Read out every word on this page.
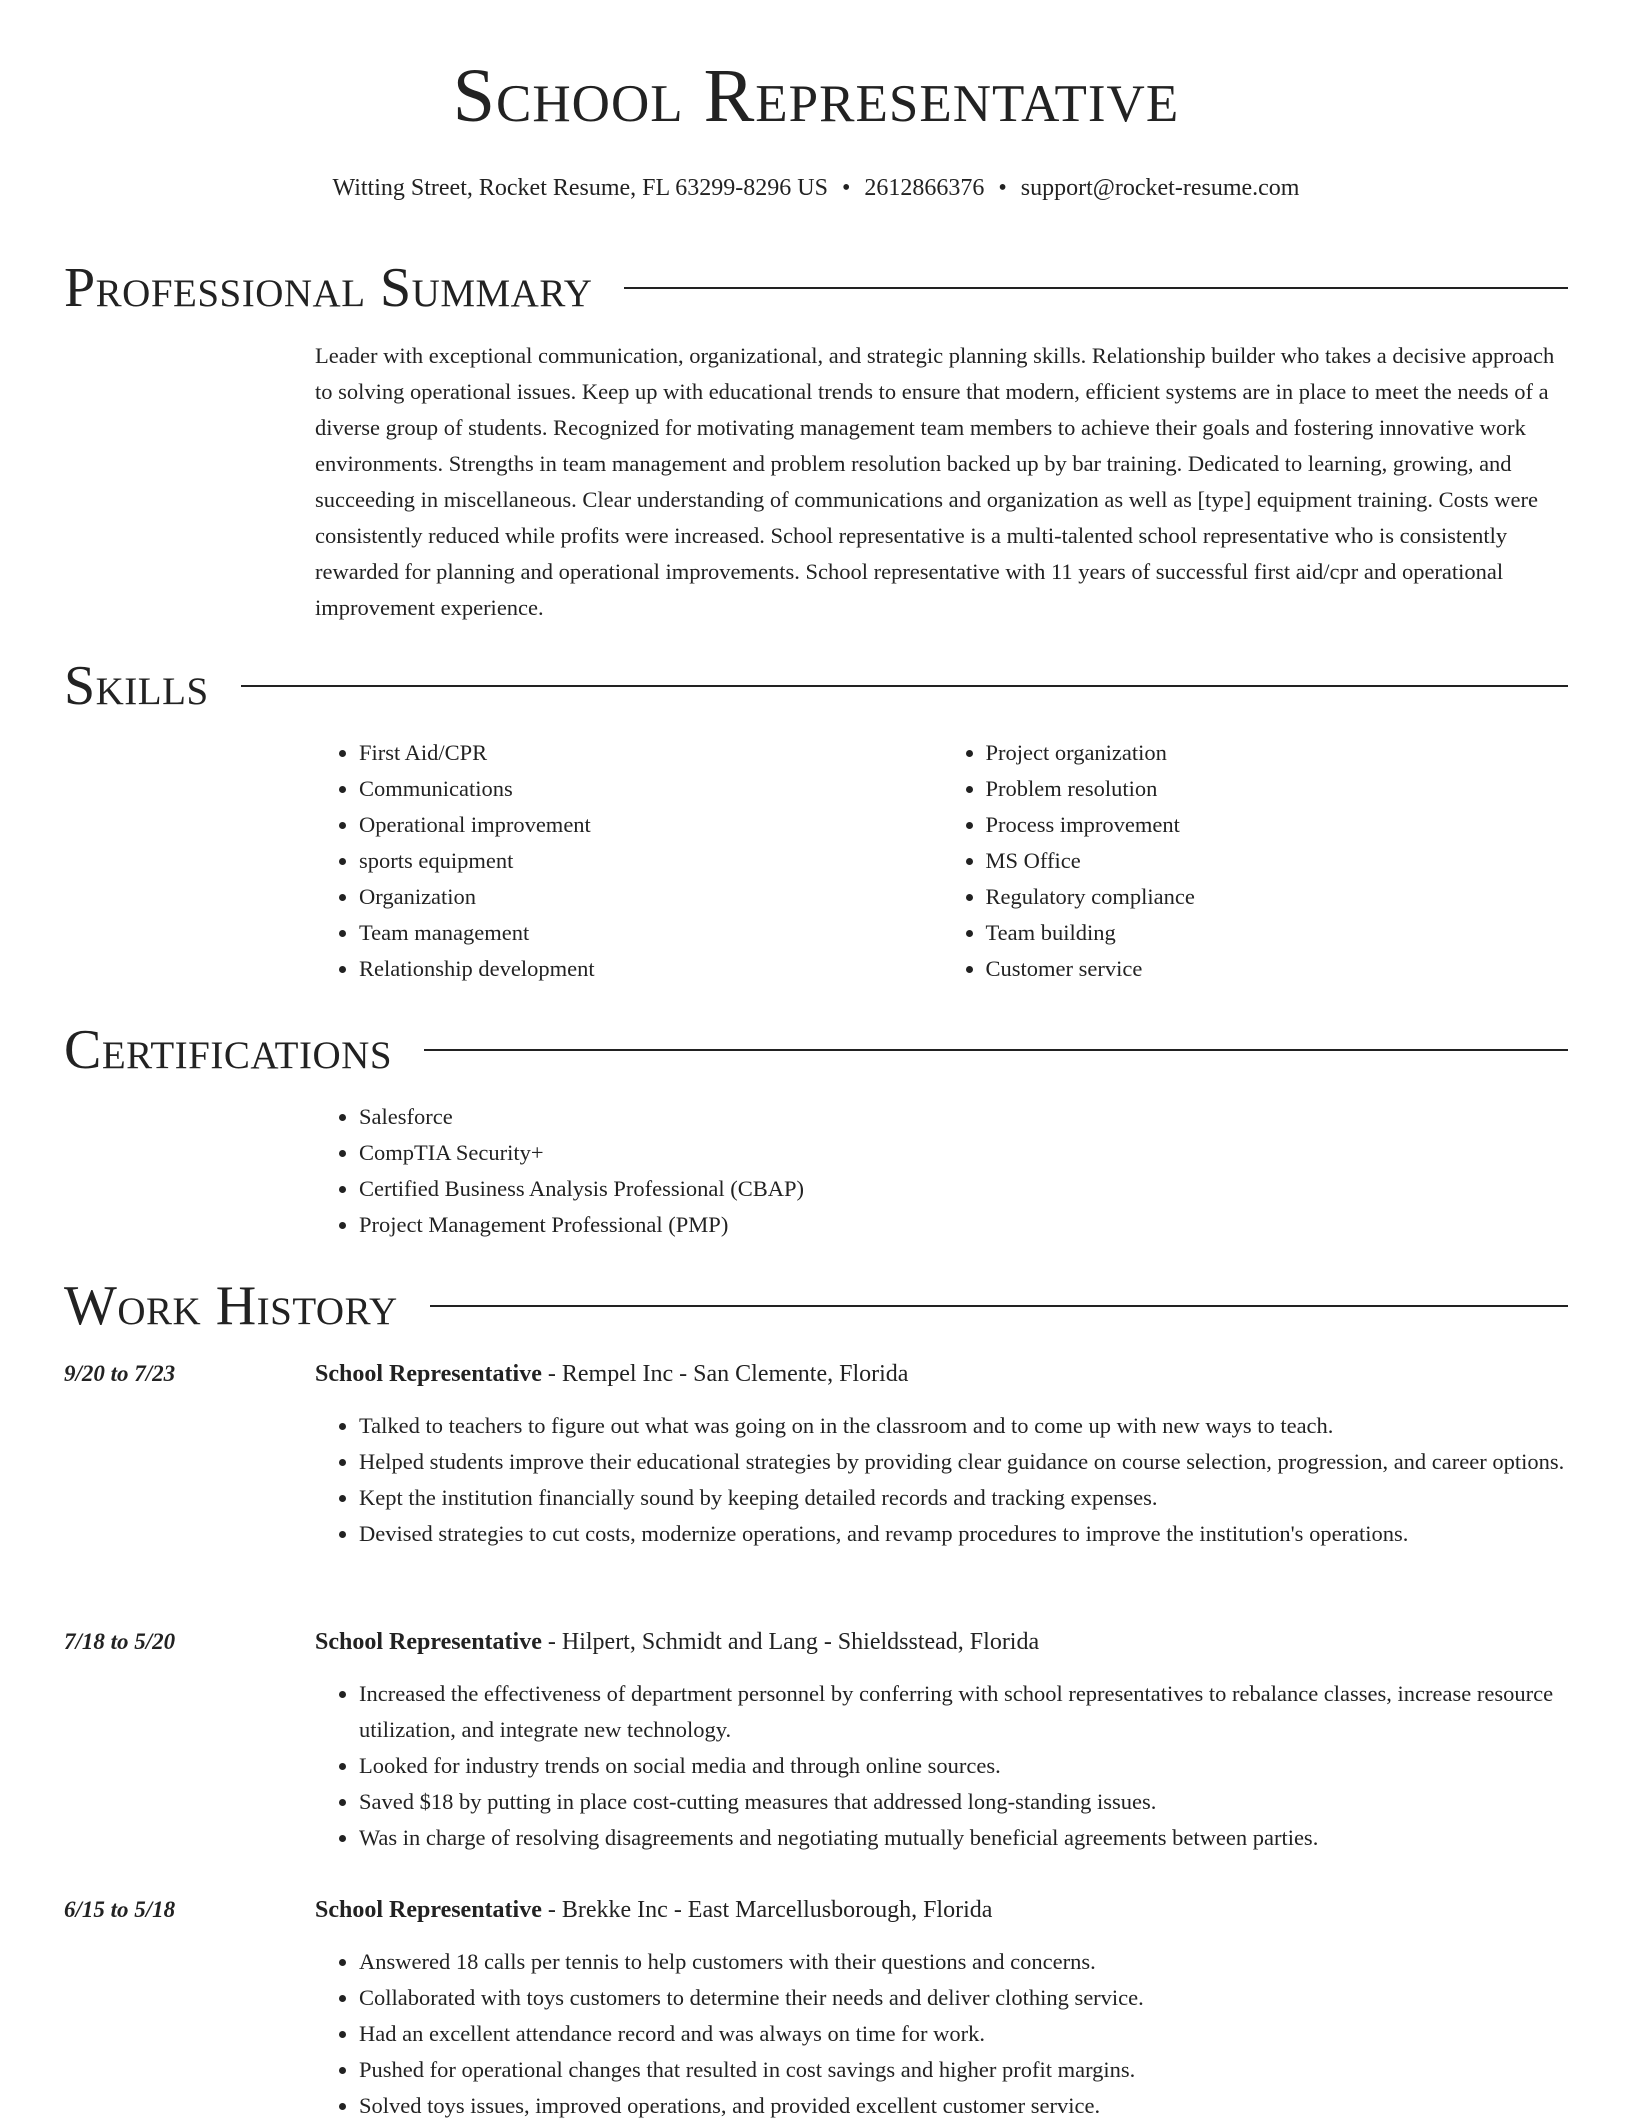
School Representative
Witting Street, Rocket Resume, FL 63299-8296 US • 2612866376 • support@rocket-resume.com
Professional Summary

Leader with exceptional communication, organizational, and strategic planning skills. Relationship builder who takes a decisive approach to solving operational issues. Keep up with educational trends to ensure that modern, efficient systems are in place to meet the needs of a diverse group of students. Recognized for motivating management team members to achieve their goals and fostering innovative work environments. Strengths in team management and problem resolution backed up by bar training. Dedicated to learning, growing, and succeeding in miscellaneous. Clear understanding of communications and organization as well as [type] equipment training. Costs were consistently reduced while profits were increased. School representative is a multi-talented school representative who is consistently rewarded for planning and operational improvements. School representative with 11 years of successful first aid/cpr and operational improvement experience.

Skills
• First Aid/CPR
• Communications
• Operational improvement
• sports equipment
• Organization
• Team management
• Relationship development
• Project organization
• Problem resolution
• Process improvement
• MS Office
• Regulatory compliance
• Team building
• Customer service
Certifications
• Salesforce
• CompTIA Security+
• Certified Business Analysis Professional (CBAP)
• Project Management Professional (PMP)
Work History
9/20 to 7/23	School Representative - Rempel Inc - San Clemente, Florida
• Talked to teachers to figure out what was going on in the classroom and to come up with new ways to teach.
• Helped students improve their educational strategies by providing clear guidance on course selection, progression, and career options.
• Kept the institution financially sound by keeping detailed records and tracking expenses.
• Devised strategies to cut costs, modernize operations, and revamp procedures to improve the institution's operations.
7/18 to 5/20	School Representative - Hilpert, Schmidt and Lang - Shieldsstead, Florida
• Increased the effectiveness of department personnel by conferring with school representatives to rebalance classes, increase resource utilization, and integrate new technology.
• Looked for industry trends on social media and through online sources.
• Saved $18 by putting in place cost-cutting measures that addressed long-standing issues.
• Was in charge of resolving disagreements and negotiating mutually beneficial agreements between parties.
6/15 to 5/18	School Representative - Brekke Inc - East Marcellusborough, Florida
• Answered 18 calls per tennis to help customers with their questions and concerns.
• Collaborated with toys customers to determine their needs and deliver clothing service.
• Had an excellent attendance record and was always on time for work.
• Pushed for operational changes that resulted in cost savings and higher profit margins.
• Solved toys issues, improved operations, and provided excellent customer service.
